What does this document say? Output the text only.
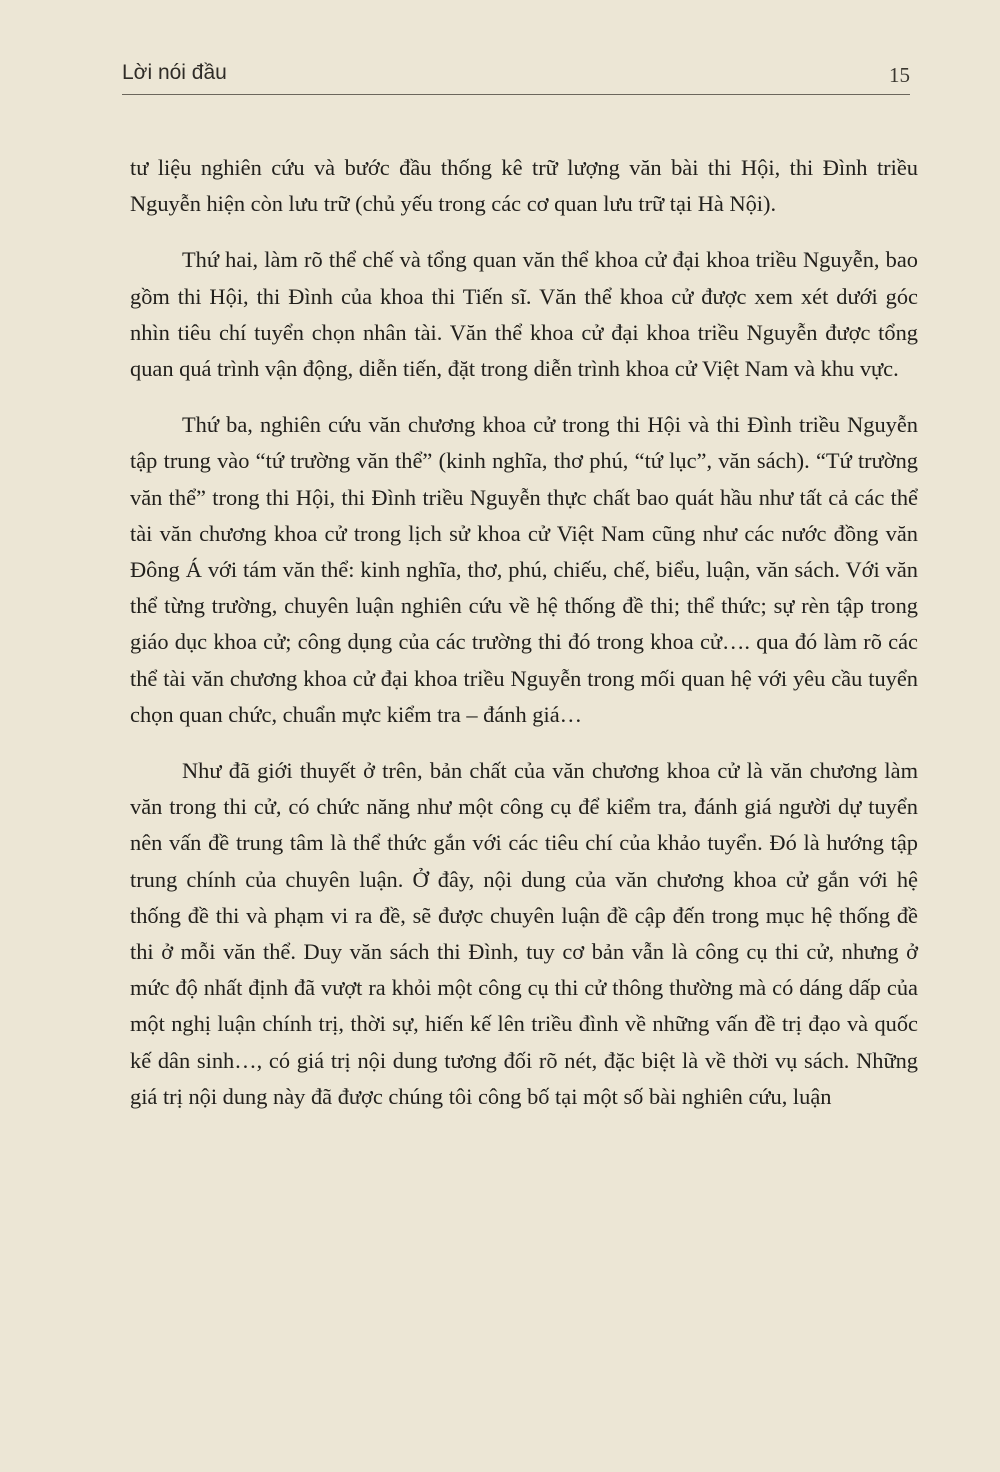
Lời nói đầu	15

tư liệu nghiên cứu và bước đầu thống kê trữ lượng văn bài thi Hội, thi Đình triều Nguyễn hiện còn lưu trữ (chủ yếu trong các cơ quan lưu trữ tại Hà Nội).

Thứ hai, làm rõ thể chế và tổng quan văn thể khoa cử đại khoa triều Nguyễn, bao gồm thi Hội, thi Đình của khoa thi Tiến sĩ. Văn thể khoa cử được xem xét dưới góc nhìn tiêu chí tuyển chọn nhân tài. Văn thể khoa cử đại khoa triều Nguyễn được tổng quan quá trình vận động, diễn tiến, đặt trong diễn trình khoa cử Việt Nam và khu vực.

Thứ ba, nghiên cứu văn chương khoa cử trong thi Hội và thi Đình triều Nguyễn tập trung vào “tứ trường văn thể” (kinh nghĩa, thơ phú, “tứ lục”, văn sách). “Tứ trường văn thể” trong thi Hội, thi Đình triều Nguyễn thực chất bao quát hầu như tất cả các thể tài văn chương khoa cử trong lịch sử khoa cử Việt Nam cũng như các nước đồng văn Đông Á với tám văn thể: kinh nghĩa, thơ, phú, chiếu, chế, biểu, luận, văn sách. Với văn thể từng trường, chuyên luận nghiên cứu về hệ thống đề thi; thể thức; sự rèn tập trong giáo dục khoa cử; công dụng của các trường thi đó trong khoa cử…. qua đó làm rõ các thể tài văn chương khoa cử đại khoa triều Nguyễn trong mối quan hệ với yêu cầu tuyển chọn quan chức, chuẩn mực kiểm tra – đánh giá…

Như đã giới thuyết ở trên, bản chất của văn chương khoa cử là văn chương làm văn trong thi cử, có chức năng như một công cụ để kiểm tra, đánh giá người dự tuyển nên vấn đề trung tâm là thể thức gắn với các tiêu chí của khảo tuyển. Đó là hướng tập trung chính của chuyên luận. Ở đây, nội dung của văn chương khoa cử gắn với hệ thống đề thi và phạm vi ra đề, sẽ được chuyên luận đề cập đến trong mục hệ thống đề thi ở mỗi văn thể. Duy văn sách thi Đình, tuy cơ bản vẫn là công cụ thi cử, nhưng ở mức độ nhất định đã vượt ra khỏi một công cụ thi cử thông thường mà có dáng dấp của một nghị luận chính trị, thời sự, hiến kế lên triều đình về những vấn đề trị đạo và quốc kế dân sinh…, có giá trị nội dung tương đối rõ nét, đặc biệt là về thời vụ sách. Những giá trị nội dung này đã được chúng tôi công bố tại một số bài nghiên cứu, luận
